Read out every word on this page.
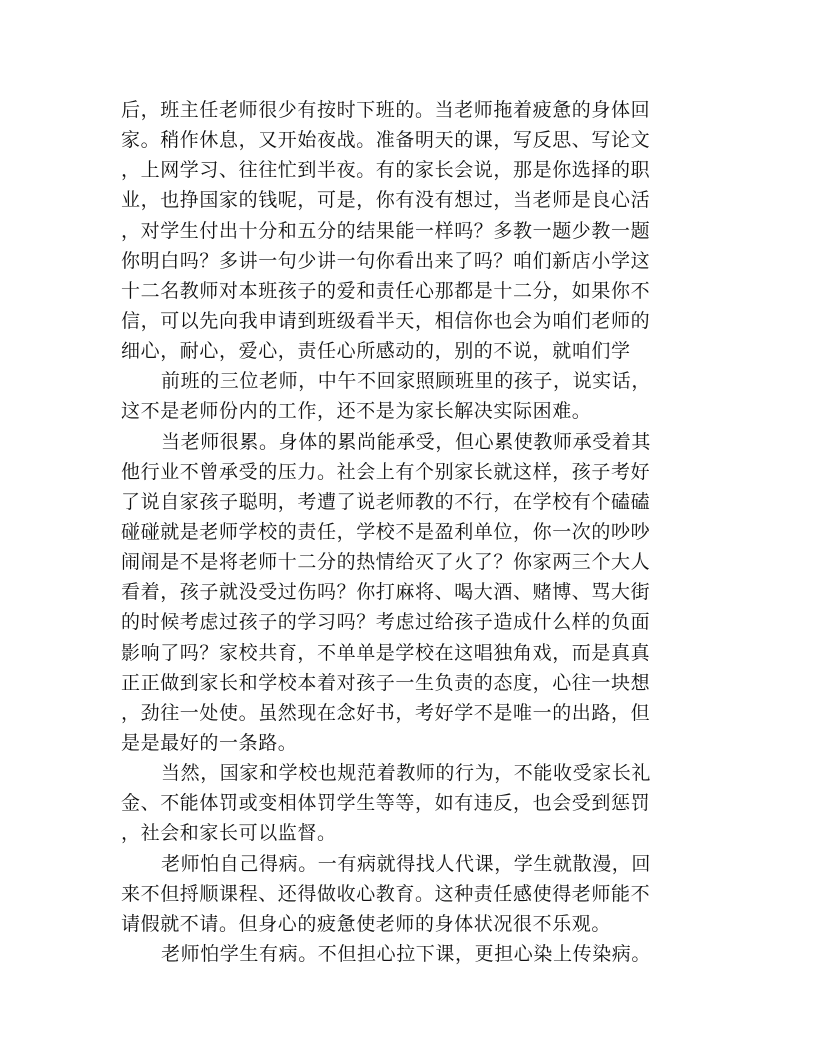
后，班主任老师很少有按时下班的。当老师拖着疲惫的身体回
家。稍作休息，又开始夜战。准备明天的课，写反思、写论文
，上网学习、往往忙到半夜。有的家长会说，那是你选择的职
业，也挣国家的钱呢，可是，你有没有想过，当老师是良心活
，对学生付出十分和五分的结果能一样吗？多教一题少教一题
你明白吗？多讲一句少讲一句你看出来了吗？咱们新店小学这
十二名教师对本班孩子的爱和责任心那都是十二分，如果你不
信，可以先向我申请到班级看半天，相信你也会为咱们老师的
细心，耐心，爱心，责任心所感动的，别的不说，就咱们学
前班的三位老师，中午不回家照顾班里的孩子，说实话，
这不是老师份内的工作，还不是为家长解决实际困难。
当老师很累。身体的累尚能承受，但心累使教师承受着其
他行业不曾承受的压力。社会上有个别家长就这样，孩子考好
了说自家孩子聪明，考遭了说老师教的不行，在学校有个磕磕
碰碰就是老师学校的责任，学校不是盈利单位，你一次的吵吵
闹闹是不是将老师十二分的热情给灭了火了？你家两三个大人
看着，孩子就没受过伤吗？你打麻将、喝大酒、赌博、骂大街
的时候考虑过孩子的学习吗？考虑过给孩子造成什么样的负面
影响了吗？家校共育，不单单是学校在这唱独角戏，而是真真
正正做到家长和学校本着对孩子一生负责的态度，心往一块想
，劲往一处使。虽然现在念好书，考好学不是唯一的出路，但
是是最好的一条路。
当然，国家和学校也规范着教师的行为，不能收受家长礼
金、不能体罚或变相体罚学生等等，如有违反，也会受到惩罚
，社会和家长可以监督。
老师怕自己得病。一有病就得找人代课，学生就散漫，回
来不但捋顺课程、还得做收心教育。这种责任感使得老师能不
请假就不请。但身心的疲惫使老师的身体状况很不乐观。
老师怕学生有病。不但担心拉下课，更担心染上传染病。
